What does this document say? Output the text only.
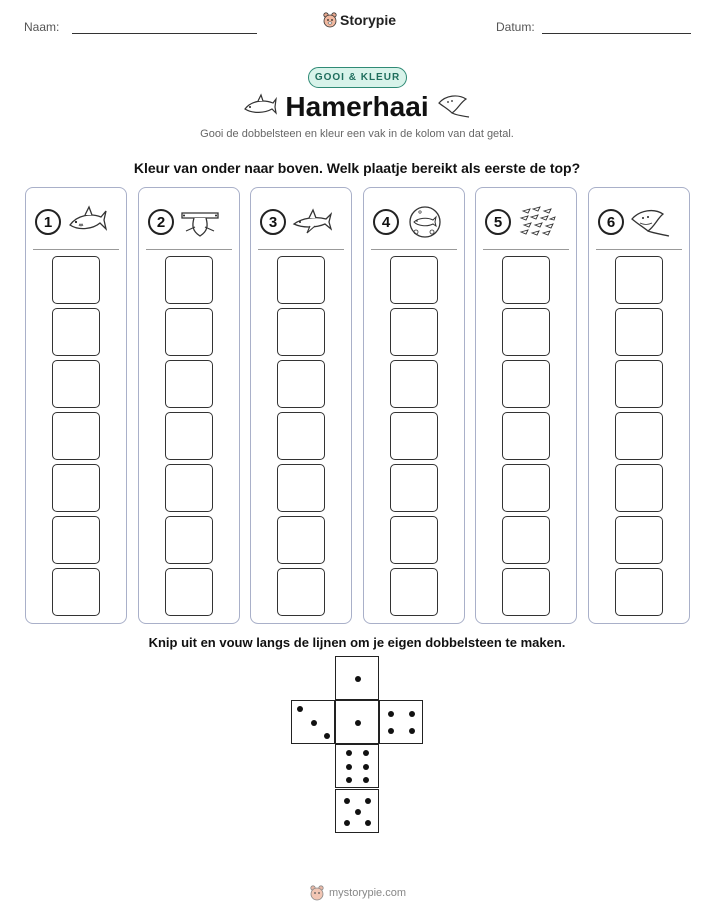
Naam:	Storypie	Datum:
GOOI & KLEUR
Hamerhaai
Gooi de dobbelsteen en kleur een vak in de kolom van dat getal.
Kleur van onder naar boven. Welk plaatje bereikt als eerste de top?
1	2	3	4	5	6
Knip uit en vouw langs de lijnen om je eigen dobbelsteen te maken.
mystorypie.com
